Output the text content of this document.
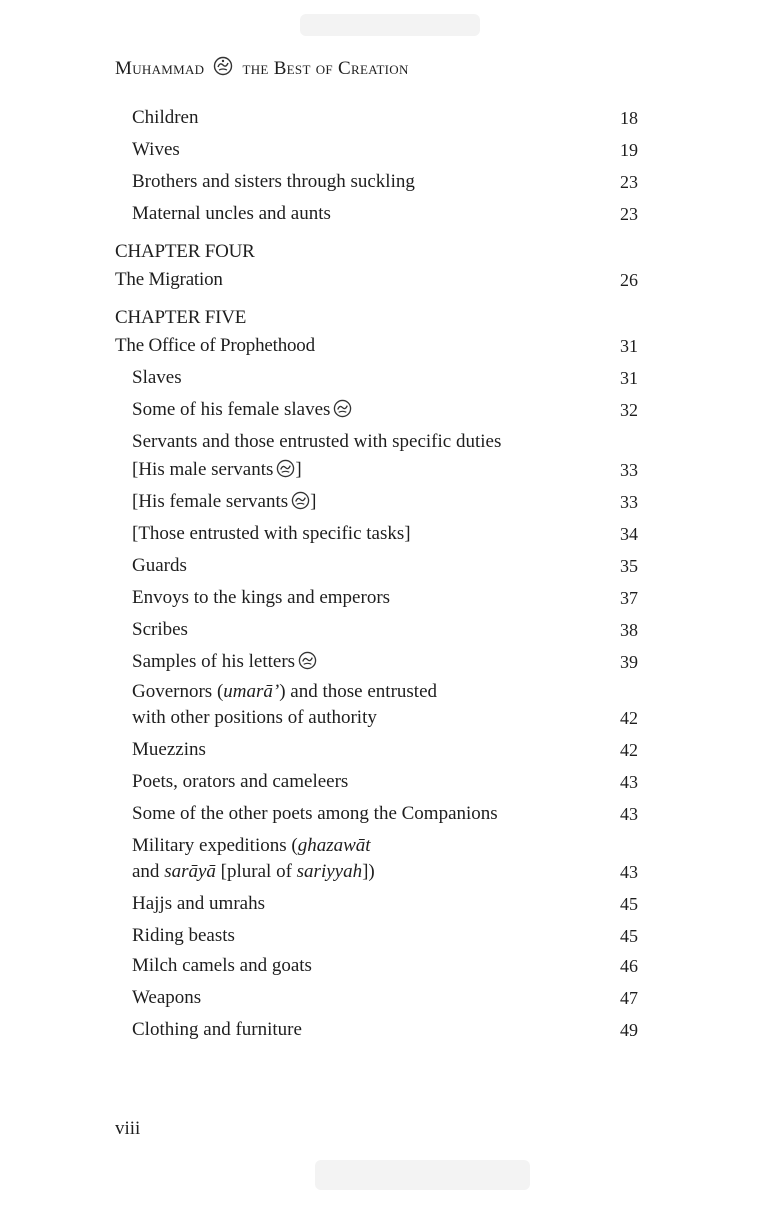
Muhammad the Best of Creation
Children	18
Wives	19
Brothers and sisters through suckling	23
Maternal uncles and aunts	23
CHAPTER FOUR
The Migration	26
CHAPTER FIVE
The Office of Prophethood	31
Slaves	31
Some of his female slaves	32
Servants and those entrusted with specific duties
[His male servants ]	33
[His female servants ]	33
[Those entrusted with specific tasks]	34
Guards	35
Envoys to the kings and emperors	37
Scribes	38
Samples of his letters	39
Governors (umarā’) and those entrusted
with other positions of authority	42
Muezzins	42
Poets, orators and cameleers	43
Some of the other poets among the Companions	43
Military expeditions (ghazawāt
and sarāyā [plural of sariyyah])	43
Hajjs and umrahs	45
Riding beasts	45
Milch camels and goats	46
Weapons	47
Clothing and furniture	49
viii
